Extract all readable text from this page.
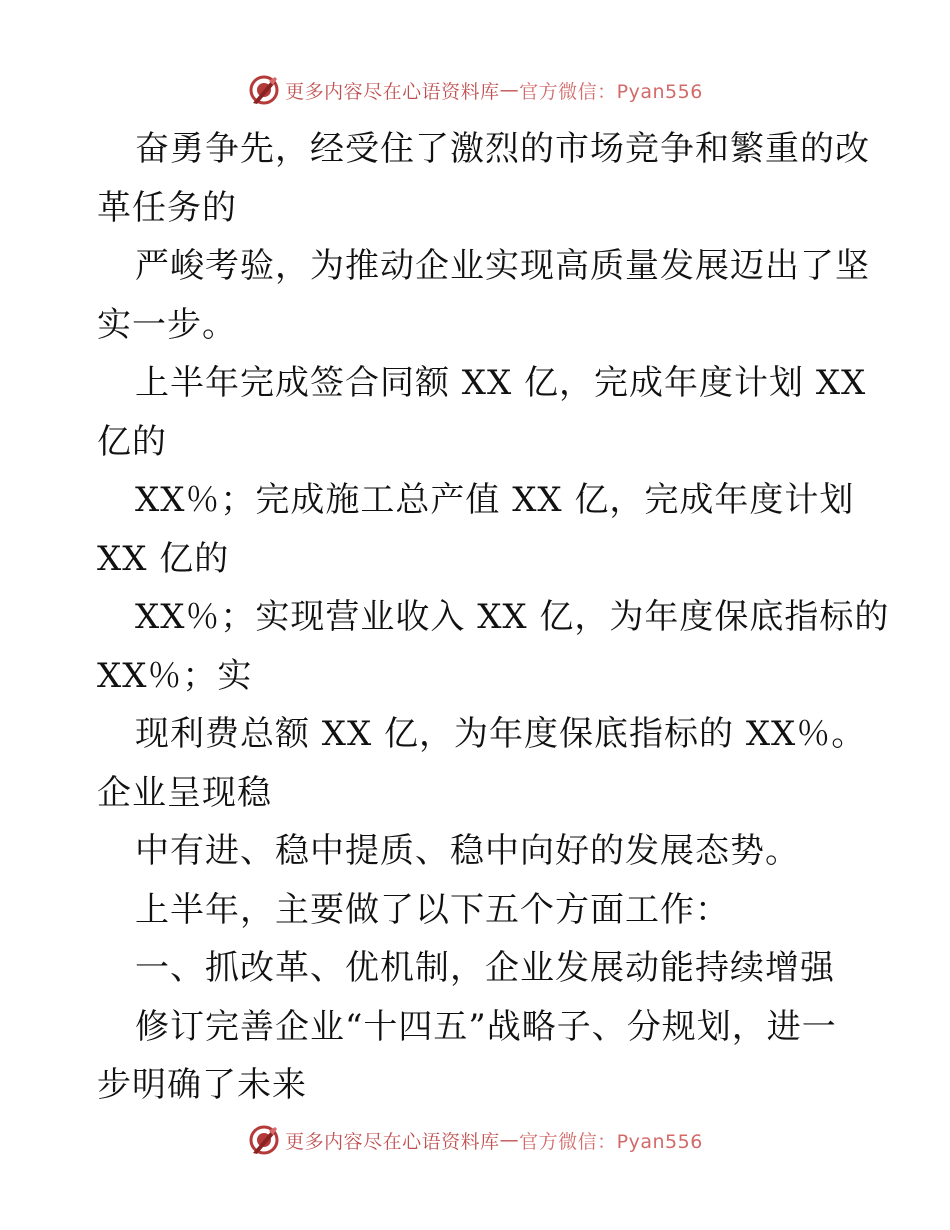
更多内容尽在心语资料库 — 官方微信：Pyan556
奋勇争先，经受住了激烈的市场竞争和繁重的改
革任务的
严峻考验，为推动企业实现高质量发展迈出了坚
实一步。
上半年完成签合同额 XX 亿，完成年度计划 XX
亿的
XX％；完成施工总产值 XX 亿，完成年度计划
XX 亿的
XX％；实现营业收入 XX 亿，为年度保底指标的
XX％；实
现利费总额 XX 亿，为年度保底指标的 XX％。
企业呈现稳
中有进、稳中提质、稳中向好的发展态势。
上半年，主要做了以下五个方面工作：
一、抓改革、优机制，企业发展动能持续增强
修订完善企业“十四五”战略子、分规划，进一
步明确了未来
更多内容尽在心语资料库 — 官方微信：Pyan556
